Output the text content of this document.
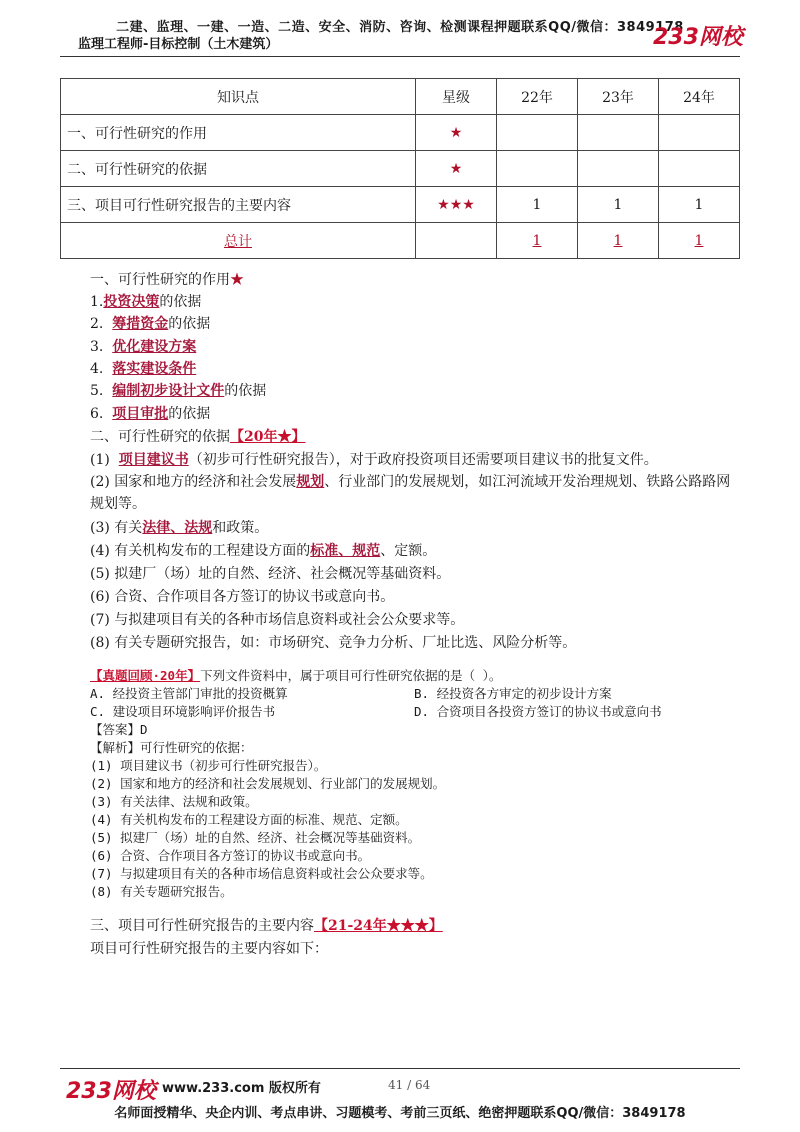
二建、监理、一建、一造、二造、安全、消防、咨询、检测课程押题联系QQ/微信：3849178
监理工程师-目标控制（土木建筑）	233网校
知识点	星级	22年	23年	24年
一、可行性研究的作用	★			
二、可行性研究的依据	★			
三、项目可行性研究报告的主要内容	★★★	1	1	1
总计		1	1	1
一、可行性研究的作用★
1.投资决策的依据
2.  筹措资金的依据
3.  优化建设方案
4.  落实建设条件
5.  编制初步设计文件的依据
6.  项目审批的依据
二、可行性研究的依据【20年★】
(1)  项目建议书（初步可行性研究报告），对于政府投资项目还需要项目建议书的批复文件。
(2) 国家和地方的经济和社会发展规划、行业部门的发展规划，如江河流域开发治理规划、铁路公路路网规划等。
(3) 有关法律、法规和政策。
(4) 有关机构发布的工程建设方面的标准、规范、定额。
(5) 拟建厂（场）址的自然、经济、社会概况等基础资料。
(6) 合资、合作项目各方签订的协议书或意向书。
(7) 与拟建项目有关的各种市场信息资料或社会公众要求等。
(8) 有关专题研究报告，如：市场研究、竞争力分析、厂址比选、风险分析等。
【真题回顾·20年】下列文件资料中，属于项目可行性研究依据的是（ ）。
A. 经投资主管部门审批的投资概算	B. 经投资各方审定的初步设计方案
C. 建设项目环境影响评价报告书	D. 合资项目各投资方签订的协议书或意向书
【答案】D
【解析】可行性研究的依据：
(1) 项目建议书（初步可行性研究报告）。
(2) 国家和地方的经济和社会发展规划、行业部门的发展规划。
(3) 有关法律、法规和政策。
(4) 有关机构发布的工程建设方面的标准、规范、定额。
(5) 拟建厂（场）址的自然、经济、社会概况等基础资料。
(6) 合资、合作项目各方签订的协议书或意向书。
(7) 与拟建项目有关的各种市场信息资料或社会公众要求等。
(8) 有关专题研究报告。
三、项目可行性研究报告的主要内容【21-24年★★★】
项目可行性研究报告的主要内容如下：
233网校 www.233.com 版权所有	41 / 64
名师面授精华、央企内训、考点串讲、习题模考、考前三页纸、绝密押题联系QQ/微信：3849178
